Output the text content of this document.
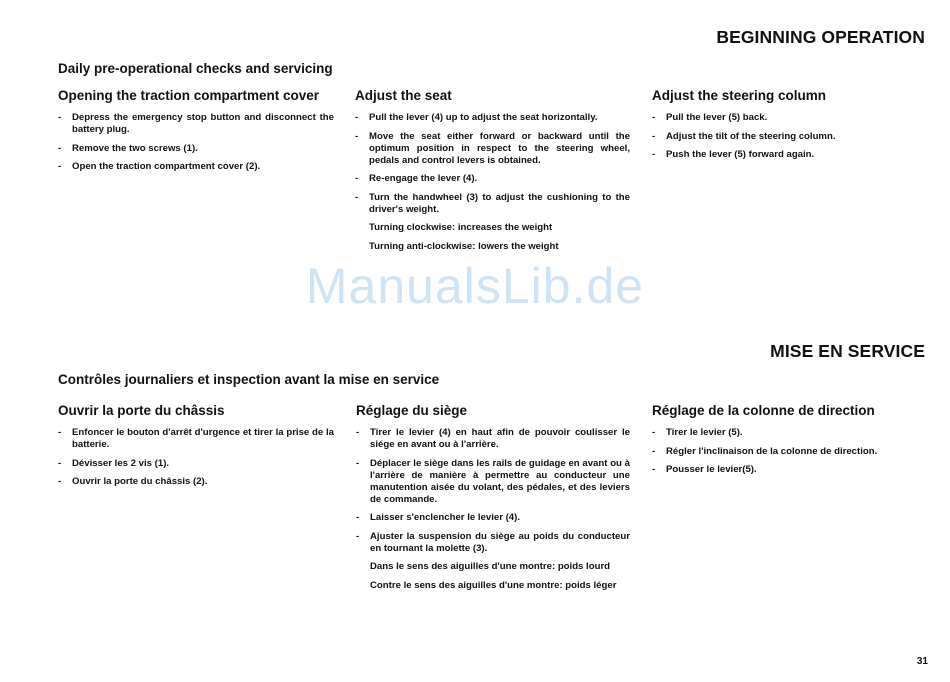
BEGINNING OPERATION
Daily pre-operational checks and servicing
Opening the traction compartment cover
- Depress the emergency stop button and disconnect the battery plug.
- Remove the two screws (1).
- Open the traction compartment cover (2).
Adjust the seat
- Pull the lever (4) up to adjust the seat horizontally.
- Move the seat either forward or backward until the optimum position in respect to the steering wheel, pedals and control levers is obtained.
- Re-engage the lever (4).
- Turn the handwheel (3) to adjust the cushioning to the driver's weight.
Turning clockwise: increases the weight
Turning anti-clockwise: lowers the weight
Adjust the steering column
- Pull the lever (5) back.
- Adjust the tilt of the steering column.
- Push the lever (5) forward again.
ManualsLib.de
MISE EN SERVICE
Contrôles journaliers et inspection avant la mise en service
Ouvrir la porte du châssis
- Enfoncer le bouton d'arrêt d'urgence et tirer la prise de la batterie.
- Dévisser les 2 vis (1).
- Ouvrir la porte du châssis (2).
Réglage du siège
- Tirer le levier (4) en haut afin de pouvoir coulisser le siége en avant ou à l'arrière.
- Déplacer le siège dans les rails de guidage en avant ou à l'arrière de manière à permettre au conducteur une manutention aisée du volant, des pédales, et des leviers de commande.
- Laisser s'enclencher le levier (4).
- Ajuster la suspension du siège au poids du conducteur en tournant la molette (3).
Dans le sens des aiguilles d'une montre: poids lourd
Contre le sens des aiguilles d'une montre: poids léger
Réglage de la colonne de direction
- Tirer le levier (5).
- Régler l'inclinaison de la colonne de direction.
- Pousser le levier(5).
31
